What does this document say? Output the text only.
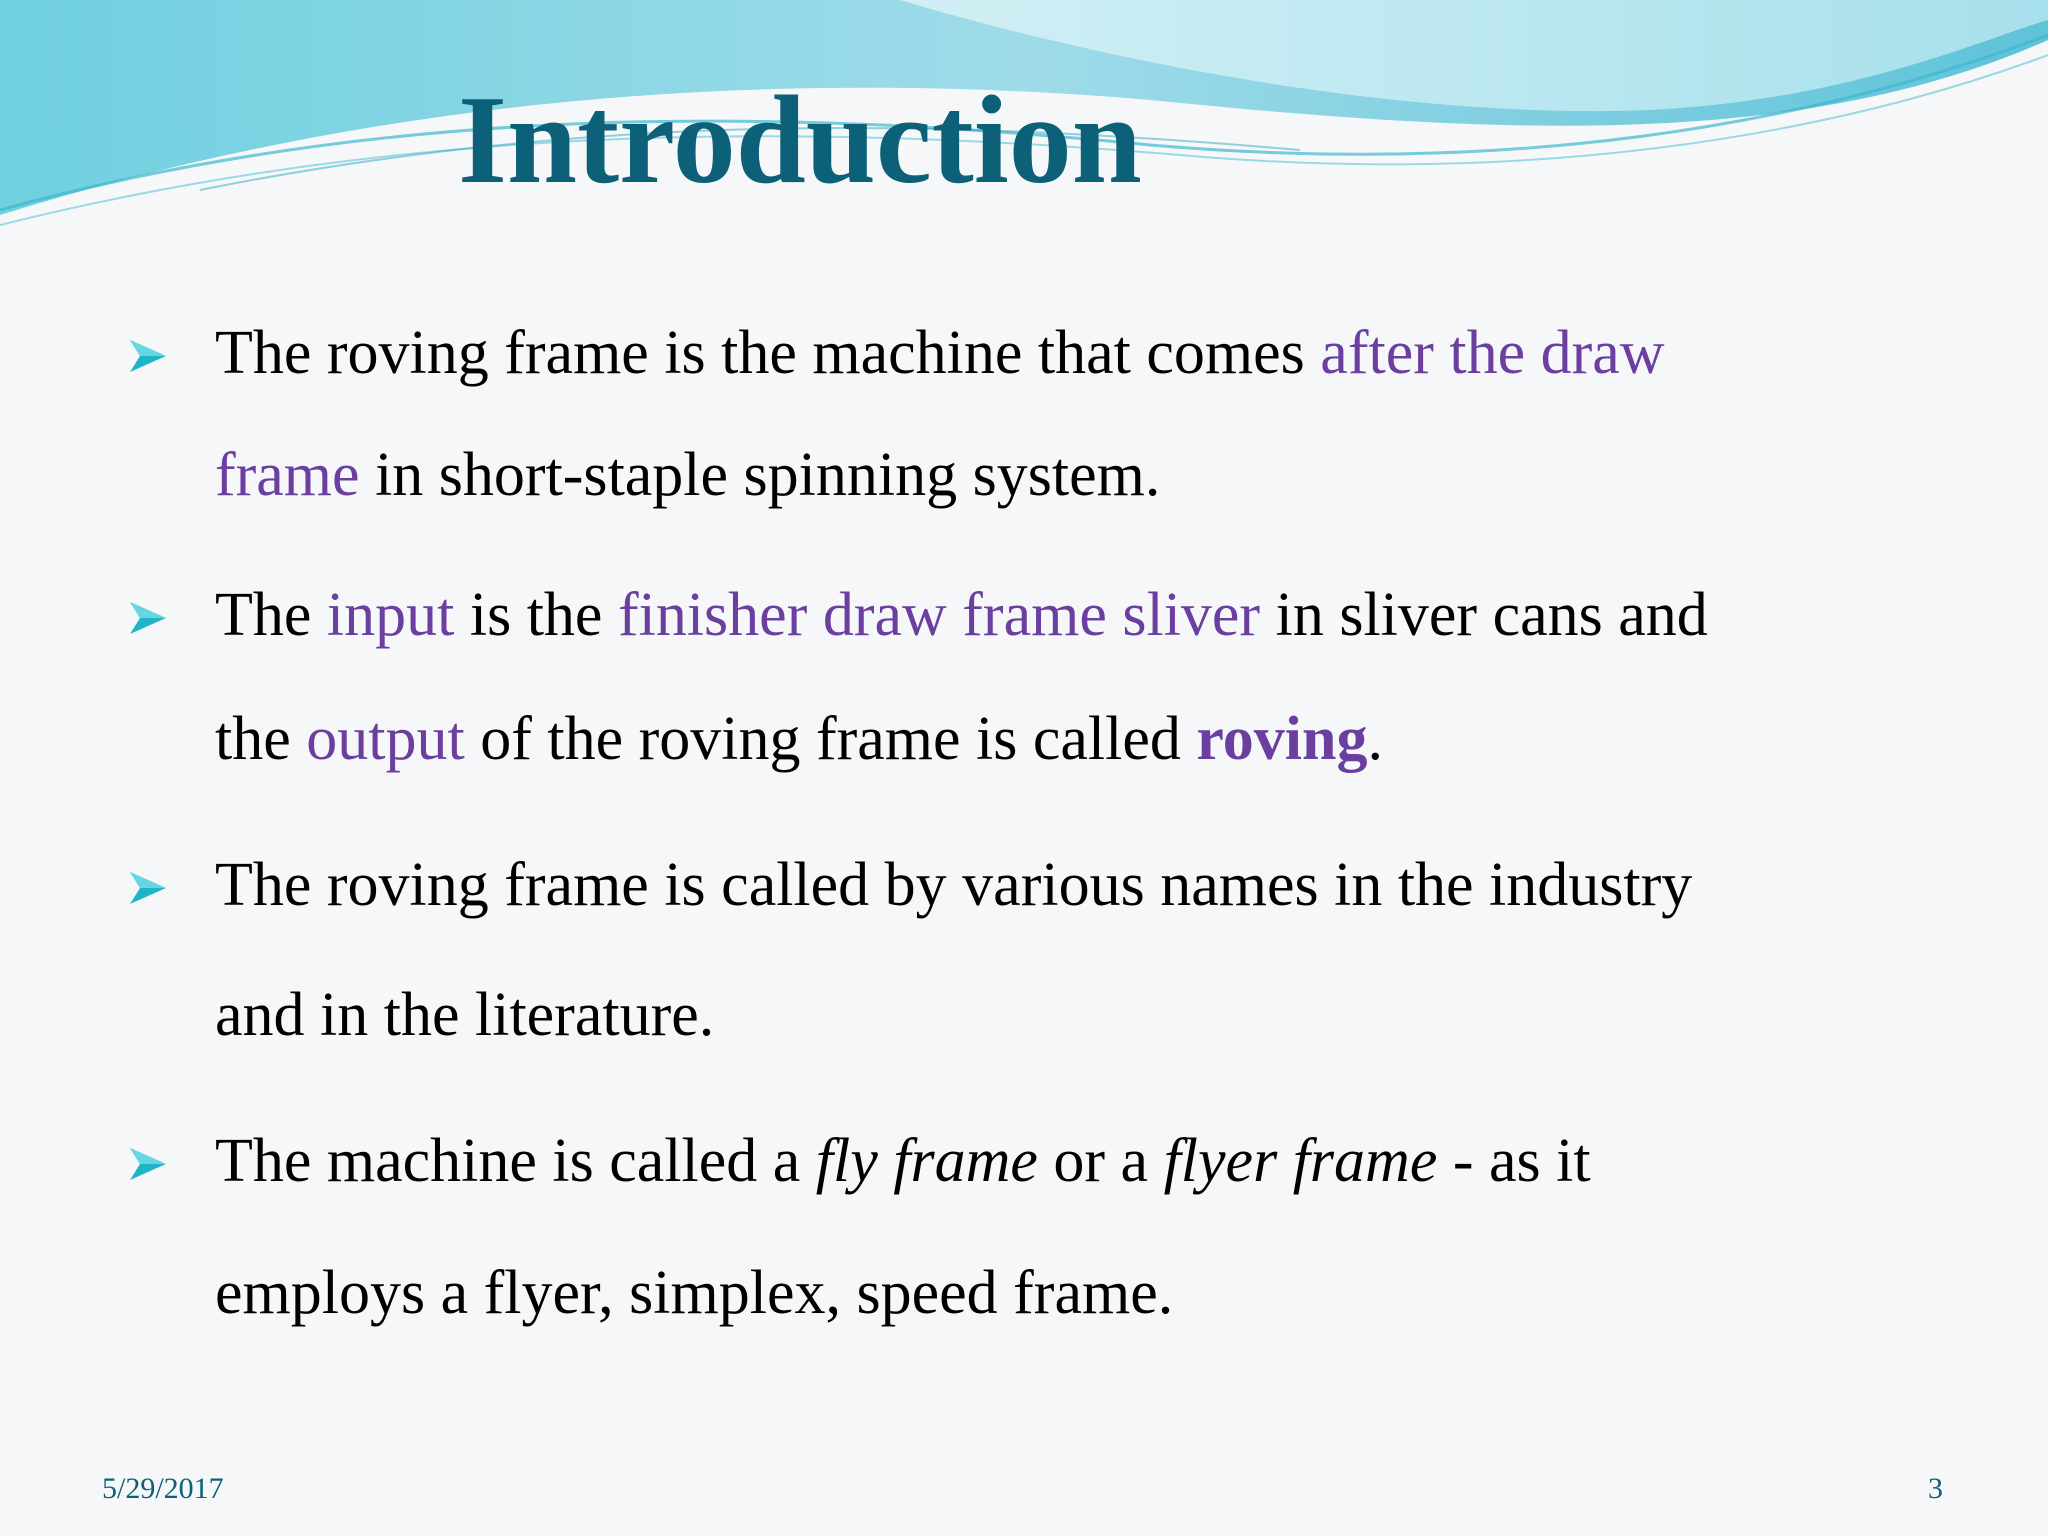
Introduction
The roving frame is the machine that comes after the draw
frame in short-staple spinning system.
The input is the finisher draw frame sliver in sliver cans and
the output of the roving frame is called roving.
The roving frame is called by various names in the industry
and in the literature.
The machine is called a fly frame or a flyer frame - as it
employs a flyer, simplex, speed frame.
5/29/2017	3
